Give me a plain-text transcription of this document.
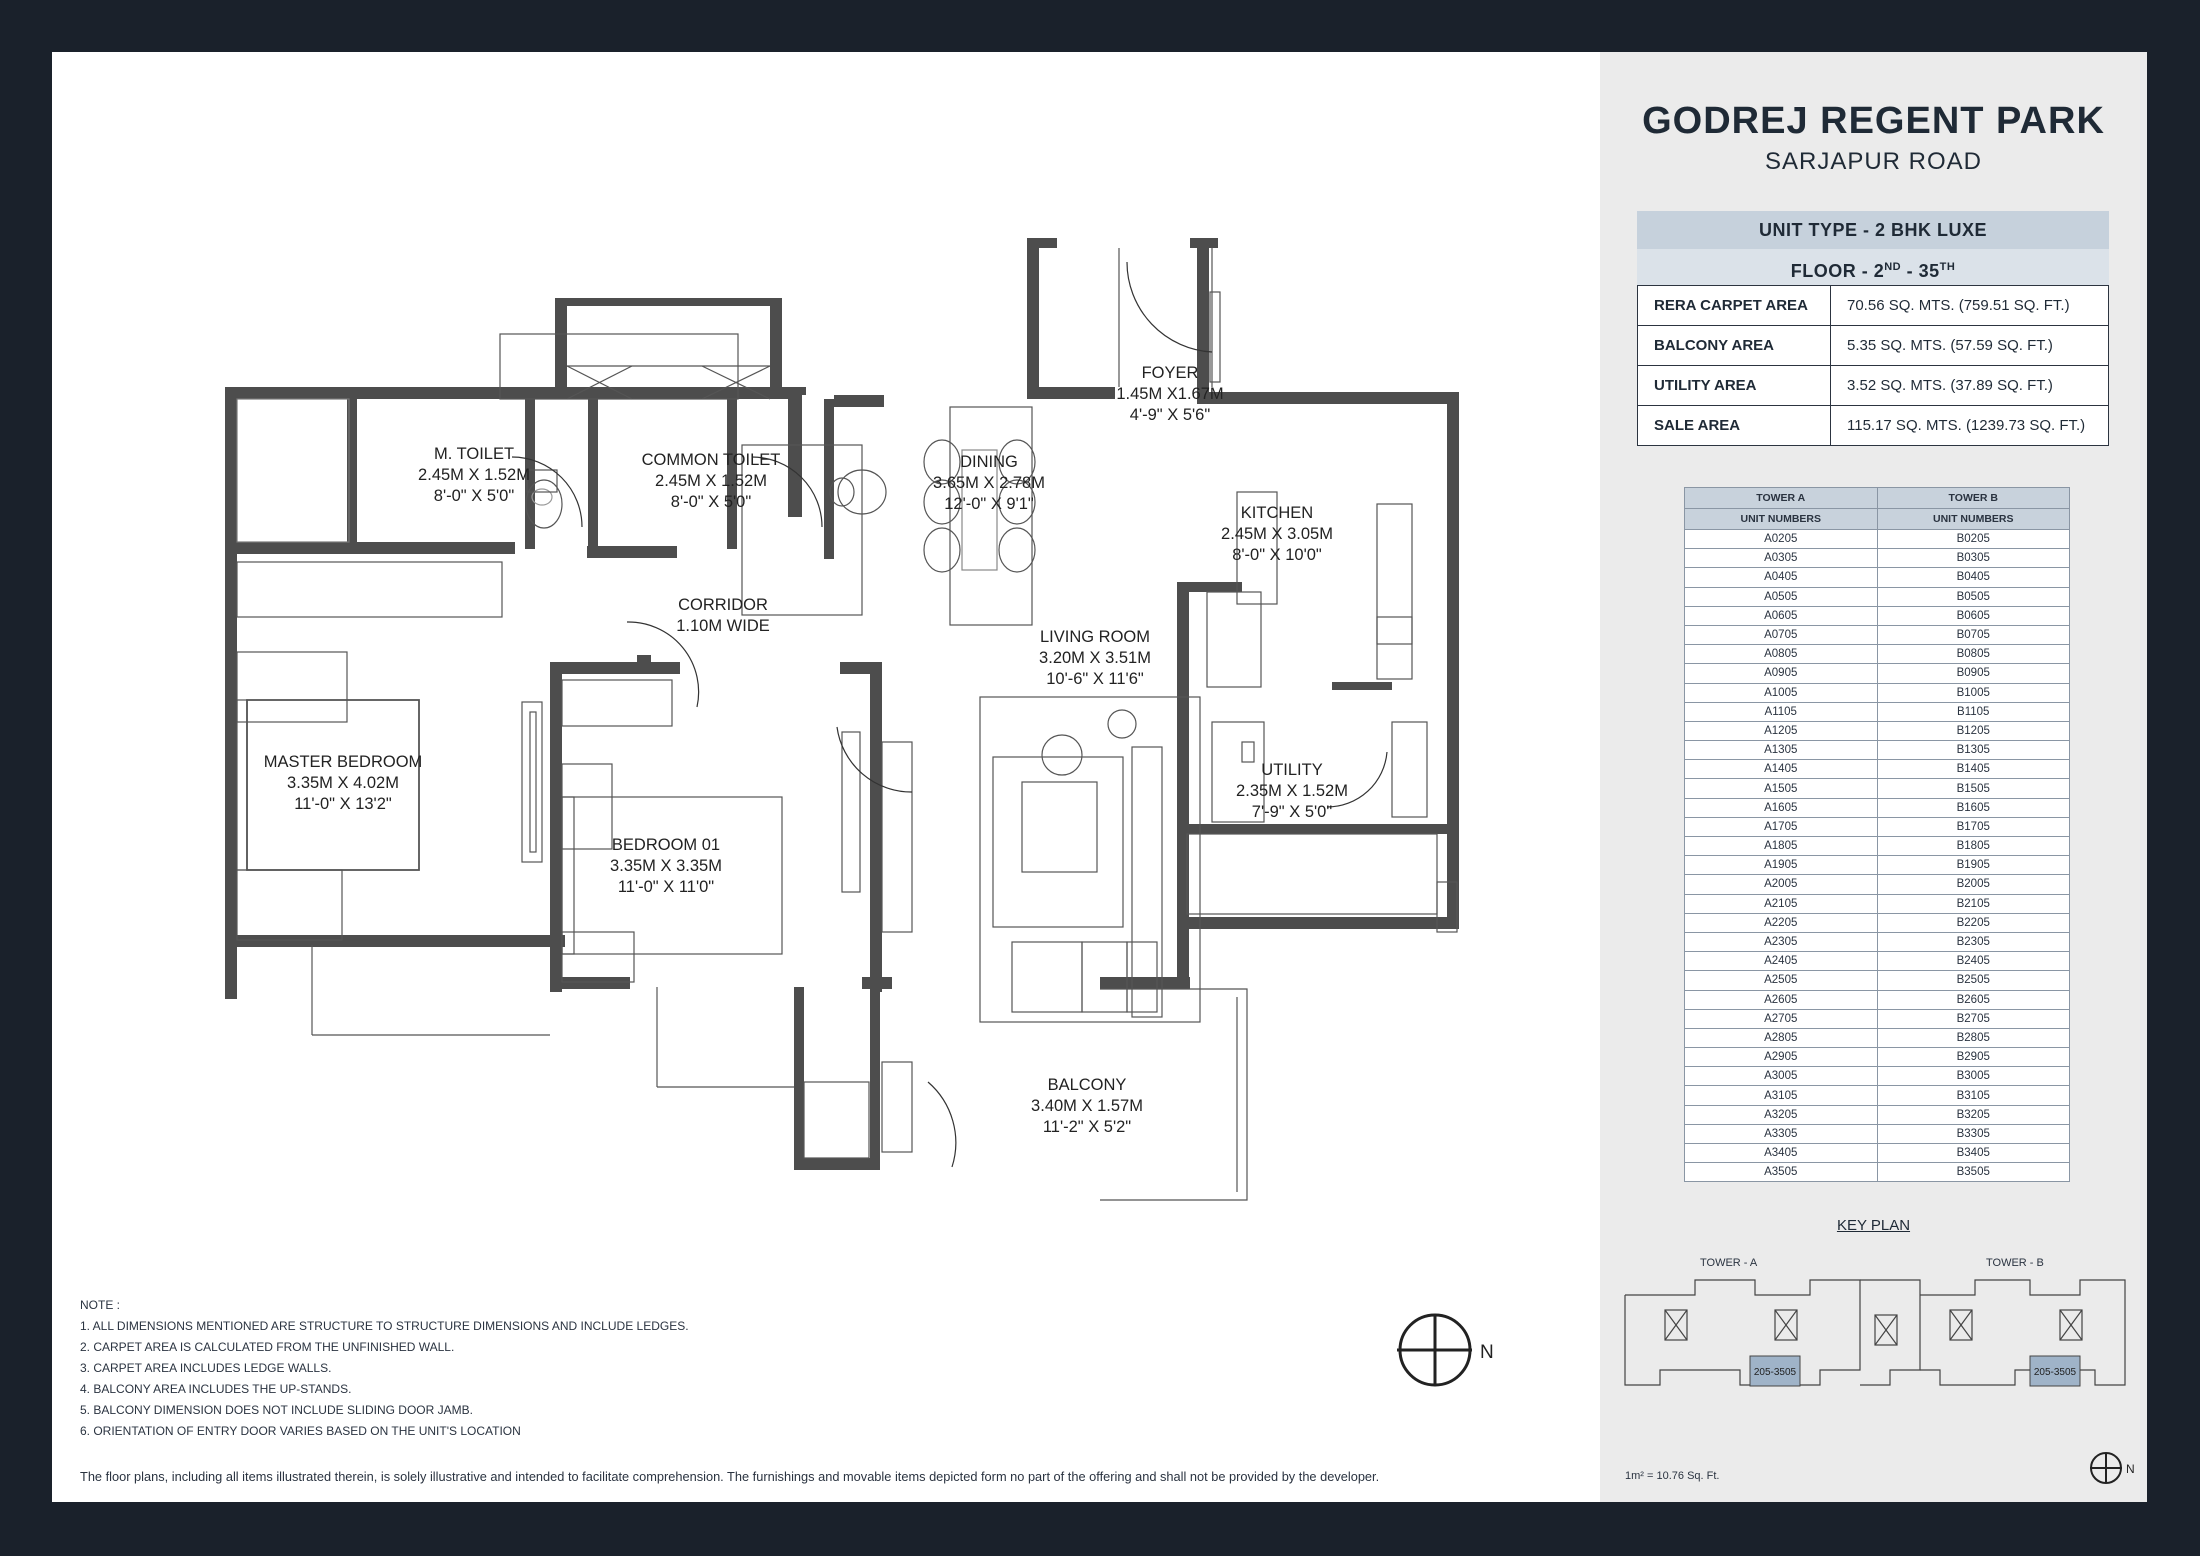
FOYER
1.45M X1.67M
4'-9" X 5'6"
M. TOILET
2.45M X 1.52M
8'-0" X 5'0"
COMMON TOILET
2.45M X 1.52M
8'-0" X 5'0"
DINING
3.65M X 2.78M
12'-0" X 9'1"	KITCHEN
2.45M X 3.05M
8'-0" X 10'0"
CORRIDOR
1.10M WIDE
LIVING ROOM
3.20M X 3.51M
10'-6" X 11'6"
MASTER BEDROOM
3.35M X 4.02M
11'-0" X 13'2"
BEDROOM 01
3.35M X 3.35M
11'-0" X 11'0"
UTILITY
2.35M X 1.52M
7'-9" X 5'0"
BALCONY
3.40M X 1.57M
11'-2" X 5'2"
N
NOTE :
1. ALL DIMENSIONS MENTIONED ARE STRUCTURE TO STRUCTURE DIMENSIONS AND INCLUDE LEDGES.
2. CARPET AREA IS CALCULATED FROM THE UNFINISHED WALL.
3. CARPET AREA INCLUDES LEDGE WALLS.
4. BALCONY AREA INCLUDES THE UP-STANDS.
5. BALCONY DIMENSION DOES NOT INCLUDE SLIDING DOOR JAMB.
6. ORIENTATION OF ENTRY DOOR VARIES BASED ON THE UNIT'S LOCATION
The floor plans, including all items illustrated therein, is solely illustrative and intended to facilitate comprehension. The furnishings and movable items depicted form no part of the offering and shall not be provided by the developer.
GODREJ REGENT PARK
SARJAPUR ROAD
UNIT TYPE - 2 BHK LUXE
FLOOR - 2ND - 35TH
RERA CARPET AREA	70.56 SQ. MTS. (759.51 SQ. FT.)
BALCONY AREA	5.35 SQ. MTS. (57.59 SQ. FT.)
UTILITY AREA	3.52 SQ. MTS. (37.89 SQ. FT.)
SALE AREA	115.17 SQ. MTS. (1239.73 SQ. FT.)
TOWER A	TOWER B
UNIT NUMBERS	UNIT NUMBERS
A0205	B0205
A0305	B0305
A0405	B0405
A0505	B0505
A0605	B0605
A0705	B0705
A0805	B0805
A0905	B0905
A1005	B1005
A1105	B1105
A1205	B1205
A1305	B1305
A1405	B1405
A1505	B1505
A1605	B1605
A1705	B1705
A1805	B1805
A1905	B1905
A2005	B2005
A2105	B2105
A2205	B2205
A2305	B2305
A2405	B2405
A2505	B2505
A2605	B2605
A2705	B2705
A2805	B2805
A2905	B2905
A3005	B3005
A3105	B3105
A3205	B3205
A3305	B3305
A3405	B3405
A3505	B3505
KEY PLAN
TOWER - A	TOWER - B
205-3505	205-3505
1m² = 10.76 Sq. Ft.	N
